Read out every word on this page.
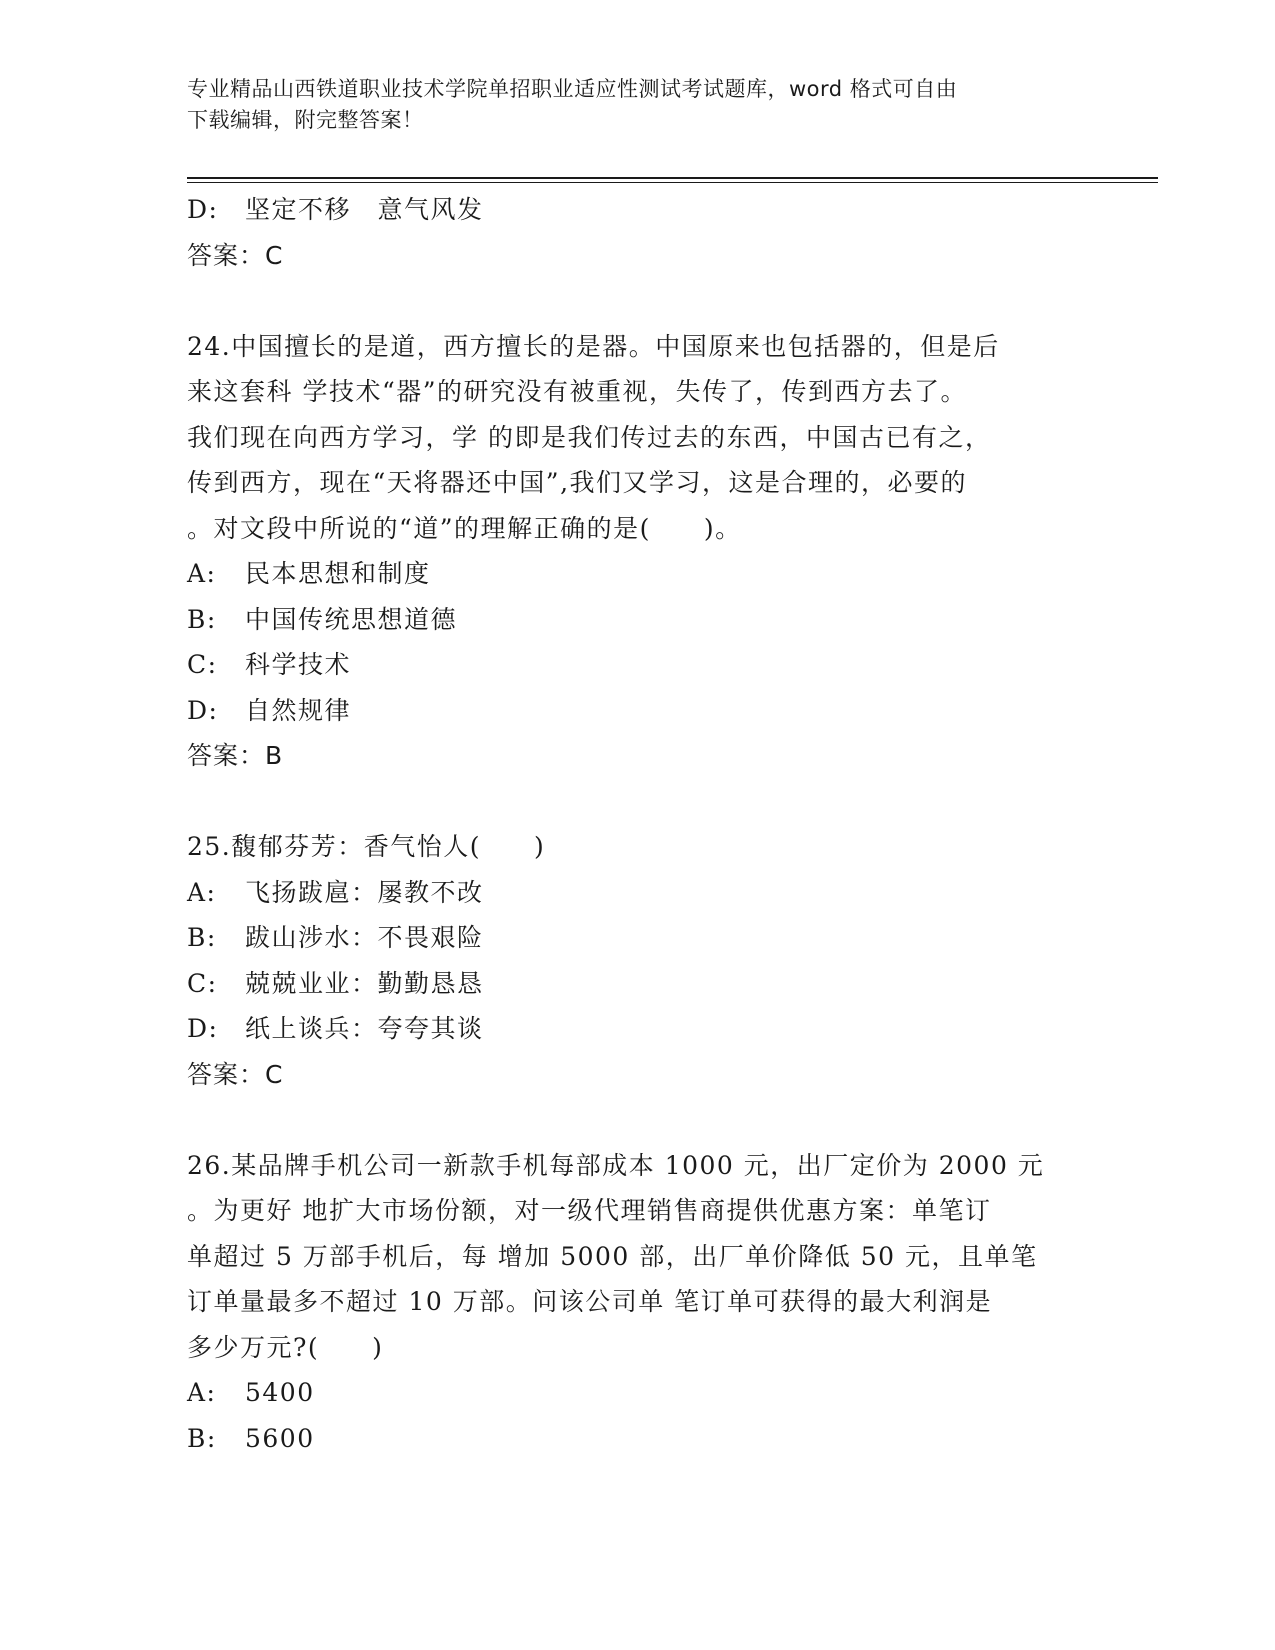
专业精品山西铁道职业技术学院单招职业适应性测试考试题库，word 格式可自由
下载编辑，附完整答案！
D:	坚定不移　意气风发
答案：C
24.中国擅长的是道，西方擅长的是器。中国原来也包括器的，但是后
来这套科 学技术“器”的研究没有被重视，失传了，传到西方去了。
我们现在向西方学习，学 的即是我们传过去的东西，中国古已有之，
传到西方，现在“天将器还中国”,我们又学习，这是合理的，必要的
。对文段中所说的“道”的理解正确的是(　　)。
A:	民本思想和制度
B:	中国传统思想道德
C:	科学技术
D:	自然规律
答案：B
25.馥郁芬芳：香气怡人(　　)
A:	飞扬跋扈：屡教不改
B:	跋山涉水：不畏艰险
C:	兢兢业业：勤勤恳恳
D:	纸上谈兵：夸夸其谈
答案：C
26.某品牌手机公司一新款手机每部成本 1000 元，出厂定价为 2000 元
。为更好 地扩大市场份额，对一级代理销售商提供优惠方案：单笔订
单超过 5 万部手机后，每 增加 5000 部，出厂单价降低 50 元，且单笔
订单量最多不超过 10 万部。问该公司单 笔订单可获得的最大利润是
多少万元?(　　)
A:	5400
B:	5600
